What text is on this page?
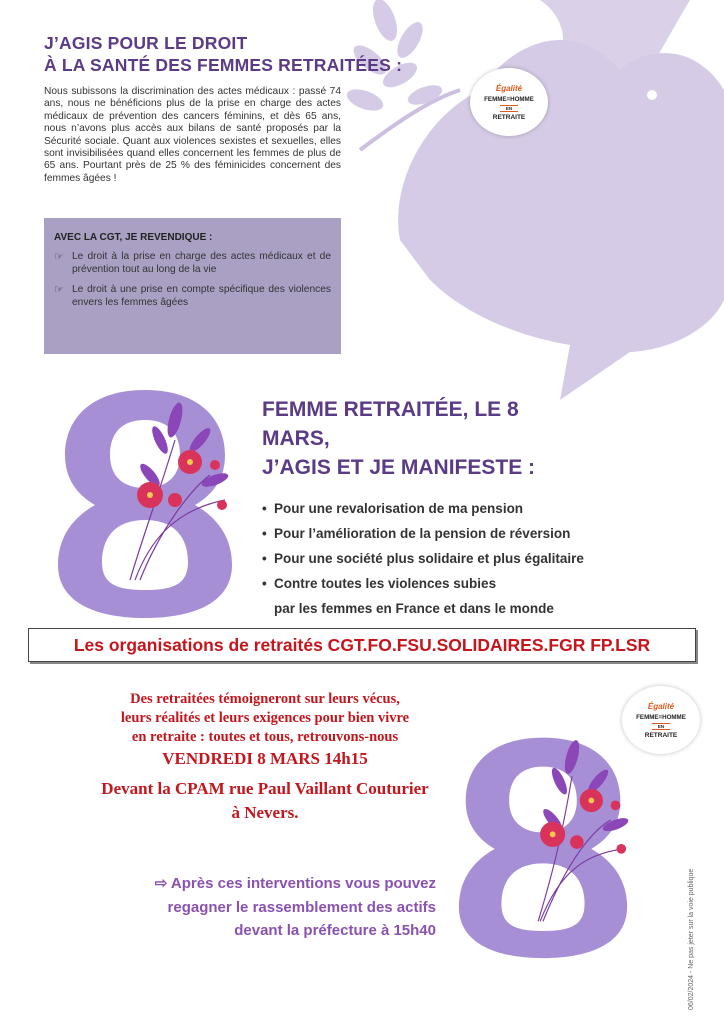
J’AGIS POUR LE DROIT
À LA SANTÉ DES FEMMES RETRAITÉES :

Nous subissons la discrimination des actes médicaux : passé 74 ans, nous ne bénéficions plus de la prise en charge des actes médicaux de prévention des cancers féminins, et dès 65 ans, nous n’avons plus accès aux bilans de santé proposés par la Sécurité sociale. Quant aux violences sexistes et sexuelles, elles sont invisibilisées quand elles concernent les femmes de plus de 65 ans. Pourtant près de 25 % des féminicides concernent des femmes âgées !

Égalité
FEMME=HOMME
EN
RETRAITE
AVEC LA CGT, JE REVENDIQUE :
☞ Le droit à la prise en charge des actes médicaux et de prévention tout au long de la vie
☞ Le droit à une prise en compte spécifique des violences envers les femmes âgées
FEMME RETRAITÉE, LE 8
MARS,
J’AGIS ET JE MANIFESTE :
• Pour une revalorisation de ma pension
• Pour l’amélioration de la pension de réversion
• Pour une société plus solidaire et plus égalitaire
• Contre toutes les violences subies
par les femmes en France et dans le monde
Les organisations de retraités CGT.FO.FSU.SOLIDAIRES.FGR FP.LSR
Des retraitées témoigneront sur leurs vécus,
leurs réalités et leurs exigences pour bien vivre
en retraite : toutes et tous, retrouvons-nous
VENDREDI 8 MARS 14h15
Devant la CPAM rue Paul Vaillant Couturier
à Nevers.
Égalité
FEMME=HOMME
EN
RETRAITE
⇨ Après ces interventions vous pouvez
regagner le rassemblement des actifs
devant la préfecture à 15h40	06/02/2024 - Ne pas jeter sur la voie publique
